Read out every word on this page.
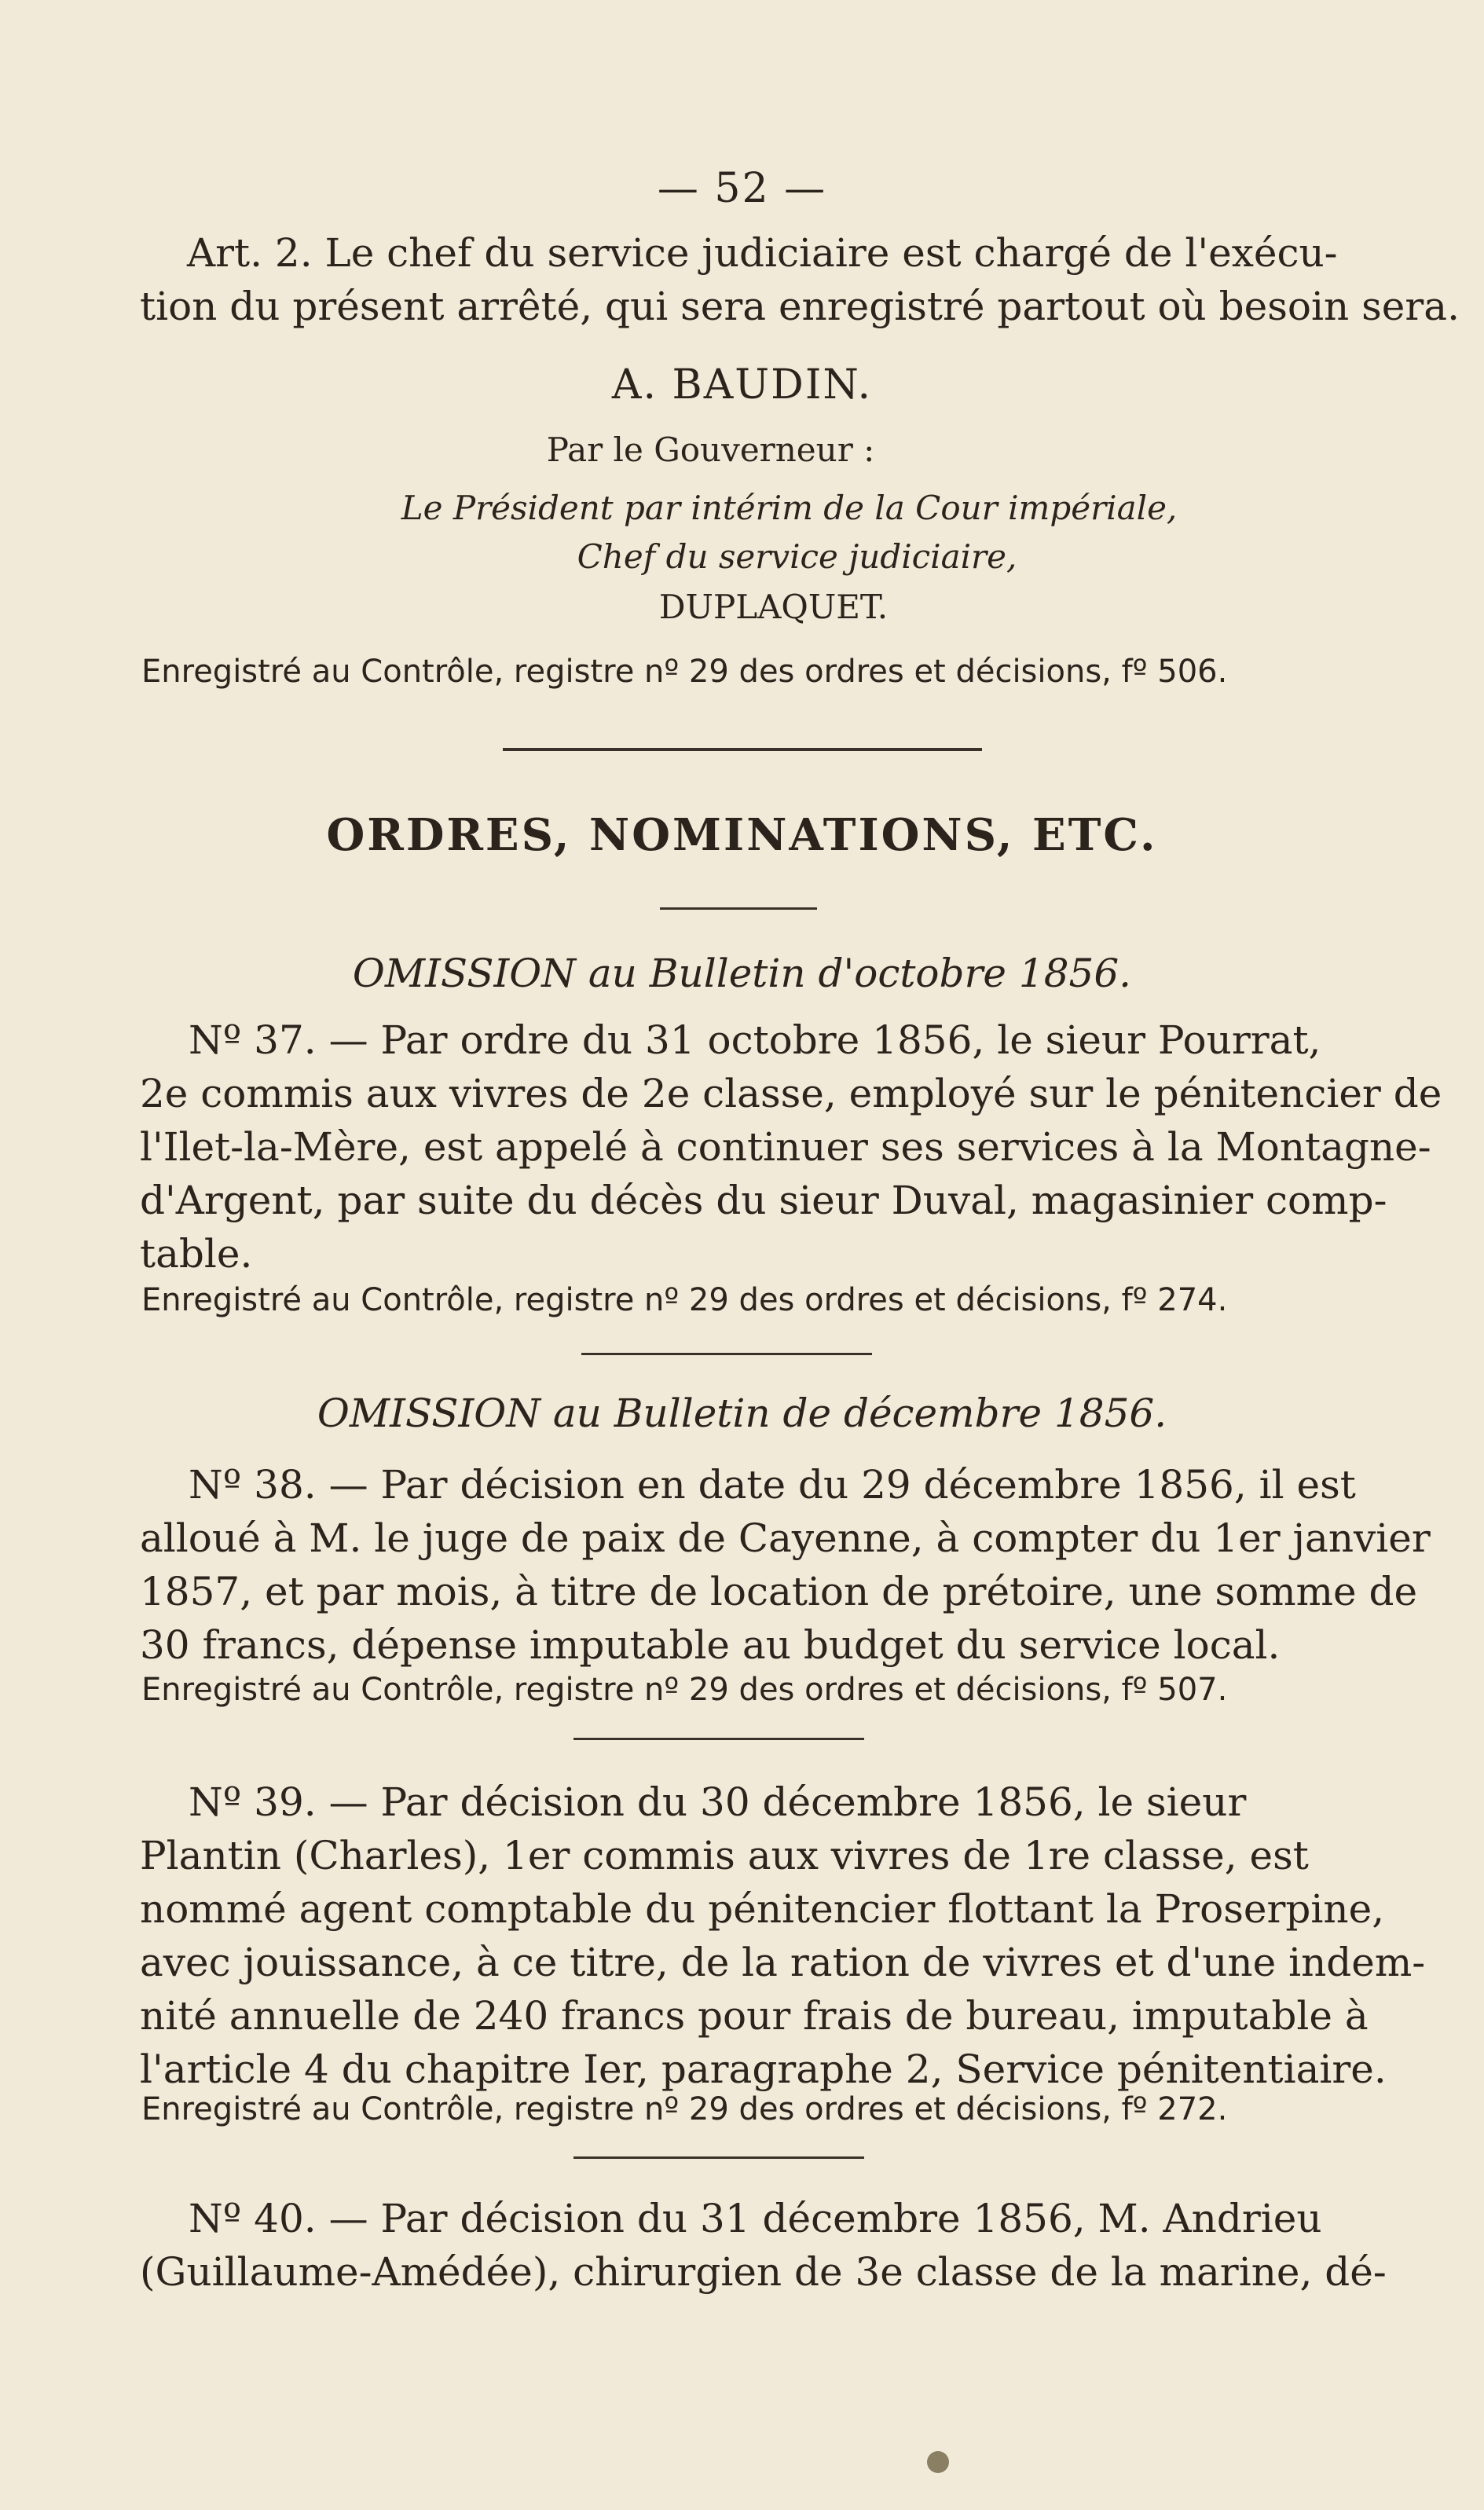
— 52 —
Art. 2. Le chef du service judiciaire est chargé de l'exécu-
tion du présent arrêté, qui sera enregistré partout où besoin sera.
A. BAUDIN.
Par le Gouverneur :
Le Président par intérim de la Cour impériale,
Chef du service judiciaire,
DUPLAQUET.
Enregistré au Contrôle, registre nº 29 des ordres et décisions, fº 506.
ORDRES, NOMINATIONS, ETC.
OMISSION au Bulletin d'octobre 1856.
Nº 37. — Par ordre du 31 octobre 1856, le sieur Pourrat,
2e commis aux vivres de 2e classe, employé sur le pénitencier de
l'Ilet-la-Mère, est appelé à continuer ses services à la Montagne-
d'Argent, par suite du décès du sieur Duval, magasinier comp-
table.
Enregistré au Contrôle, registre nº 29 des ordres et décisions, fº 274.
OMISSION au Bulletin de décembre 1856.
Nº 38. — Par décision en date du 29 décembre 1856, il est
alloué à M. le juge de paix de Cayenne, à compter du 1er janvier
1857, et par mois, à titre de location de prétoire, une somme de
30 francs, dépense imputable au budget du service local.
Enregistré au Contrôle, registre nº 29 des ordres et décisions, fº 507.
Nº 39. — Par décision du 30 décembre 1856, le sieur
Plantin (Charles), 1er commis aux vivres de 1re classe, est
nommé agent comptable du pénitencier flottant la Proserpine,
avec jouissance, à ce titre, de la ration de vivres et d'une indem-
nité annuelle de 240 francs pour frais de bureau, imputable à
l'article 4 du chapitre Ier, paragraphe 2, Service pénitentiaire.
Enregistré au Contrôle, registre nº 29 des ordres et décisions, fº 272.
Nº 40. — Par décision du 31 décembre 1856, M. Andrieu
(Guillaume-Amédée), chirurgien de 3e classe de la marine, dé-
